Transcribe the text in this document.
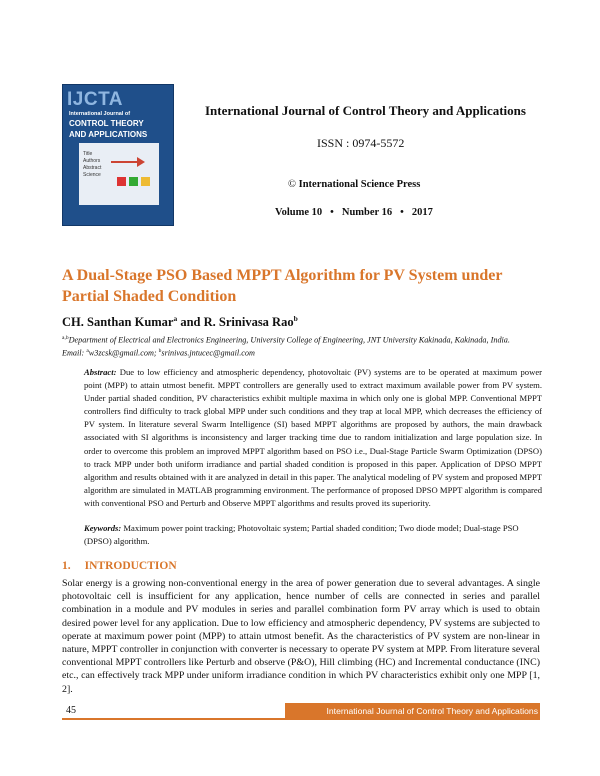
IJCTA
International Journal of
CONTROL THEORY
AND APPLICATIONS
Title
Authors
Abstract
Science
International Journal of Control Theory and Applications
ISSN : 0974-5572
© International Science Press
Volume 10 • Number 16 • 2017
A Dual-Stage PSO Based MPPT Algorithm for PV System under Partial Shaded Condition
CH. Santhan Kumar$^a$ and R. Srinivasa Rao$^b$
$^{a,b}$Department of Electrical and Electronics Engineering, University College of Engineering, JNT University Kakinada, Kakinada, India.
Email: $^a$w3zcsk@gmail.com; $^b$srinivas.jntucec@gmail.com
Abstract: Due to low efficiency and atmospheric dependency, photovoltaic (PV) systems are to be operated at maximum power point (MPP) to attain utmost benefit. MPPT controllers are generally used to extract maximum available power from PV system. Under partial shaded condition, PV characteristics exhibit multiple maxima in which only one is global MPP. Conventional MPPT controllers find difficulty to track global MPP under such conditions and they trap at local MPP, which decreases the efficiency of PV system. In literature several Swarm Intelligence (SI) based MPPT algorithms are proposed by authors, the main drawback associated with SI algorithms is inconsistency and larger tracking time due to random initialization and large population size. In order to overcome this problem an improved MPPT algorithm based on PSO i.e., Dual-Stage Particle Swarm Optimization (DPSO) to track MPP under both uniform irradiance and partial shaded condition is proposed in this paper. Application of DPSO MPPT algorithm and results obtained with it are analyzed in detail in this paper. The analytical modeling of PV system and proposed MPPT algorithm are simulated in MATLAB programming environment. The performance of proposed DPSO MPPT algorithm is compared with conventional PSO and Perturb and Observe MPPT algorithms and results proved its superiority.
Keywords: Maximum power point tracking; Photovoltaic system; Partial shaded condition; Two diode model; Dual-stage PSO (DPSO) algorithm.
1. INTRODUCTION
Solar energy is a growing non-conventional energy in the area of power generation due to several advantages. A single photovoltaic cell is insufficient for any application, hence number of cells are connected in series and parallel combination in a module and PV modules in series and parallel combination form PV array which is used to obtain desired power level for any application. Due to low efficiency and atmospheric dependency, PV systems are subjected to operate at maximum power point (MPP) to attain utmost benefit. As the characteristics of PV system are non-linear in nature, MPPT controller in conjunction with converter is necessary to operate PV system at MPP. From literature several conventional MPPT controllers like Perturb and observe (P&O), Hill climbing (HC) and Incremental conductance (INC) etc., can effectively track MPP under uniform irradiance condition in which PV characteristics exhibit only one MPP [1, 2].
45	International Journal of Control Theory and Applications
